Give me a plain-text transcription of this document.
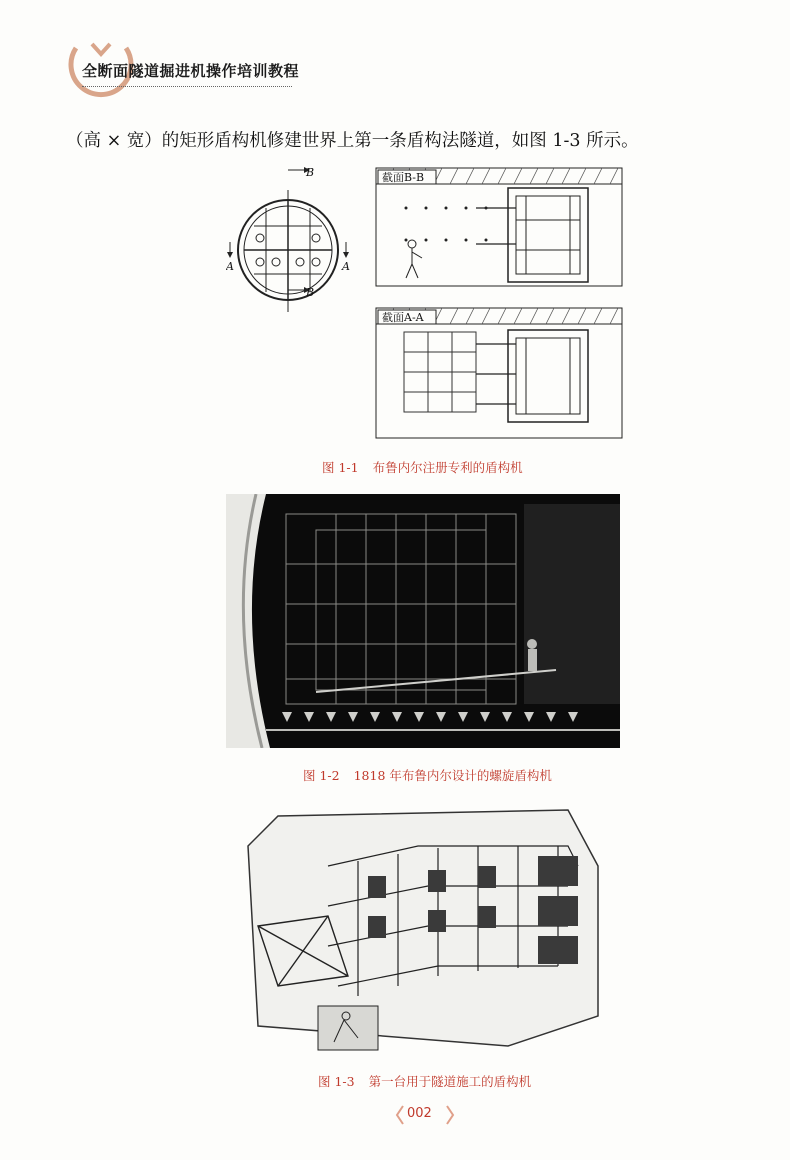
全断面隧道掘进机操作培训教程
（高 × 宽）的矩形盾构机修建世界上第一条盾构法隧道，如图 1-3 所示。
B
B
A	A
截面B-B
截面A-A
图 1-1 布鲁内尔注册专利的盾构机
图 1-2 1818 年布鲁内尔设计的螺旋盾构机
图 1-3 第一台用于隧道施工的盾构机
002
